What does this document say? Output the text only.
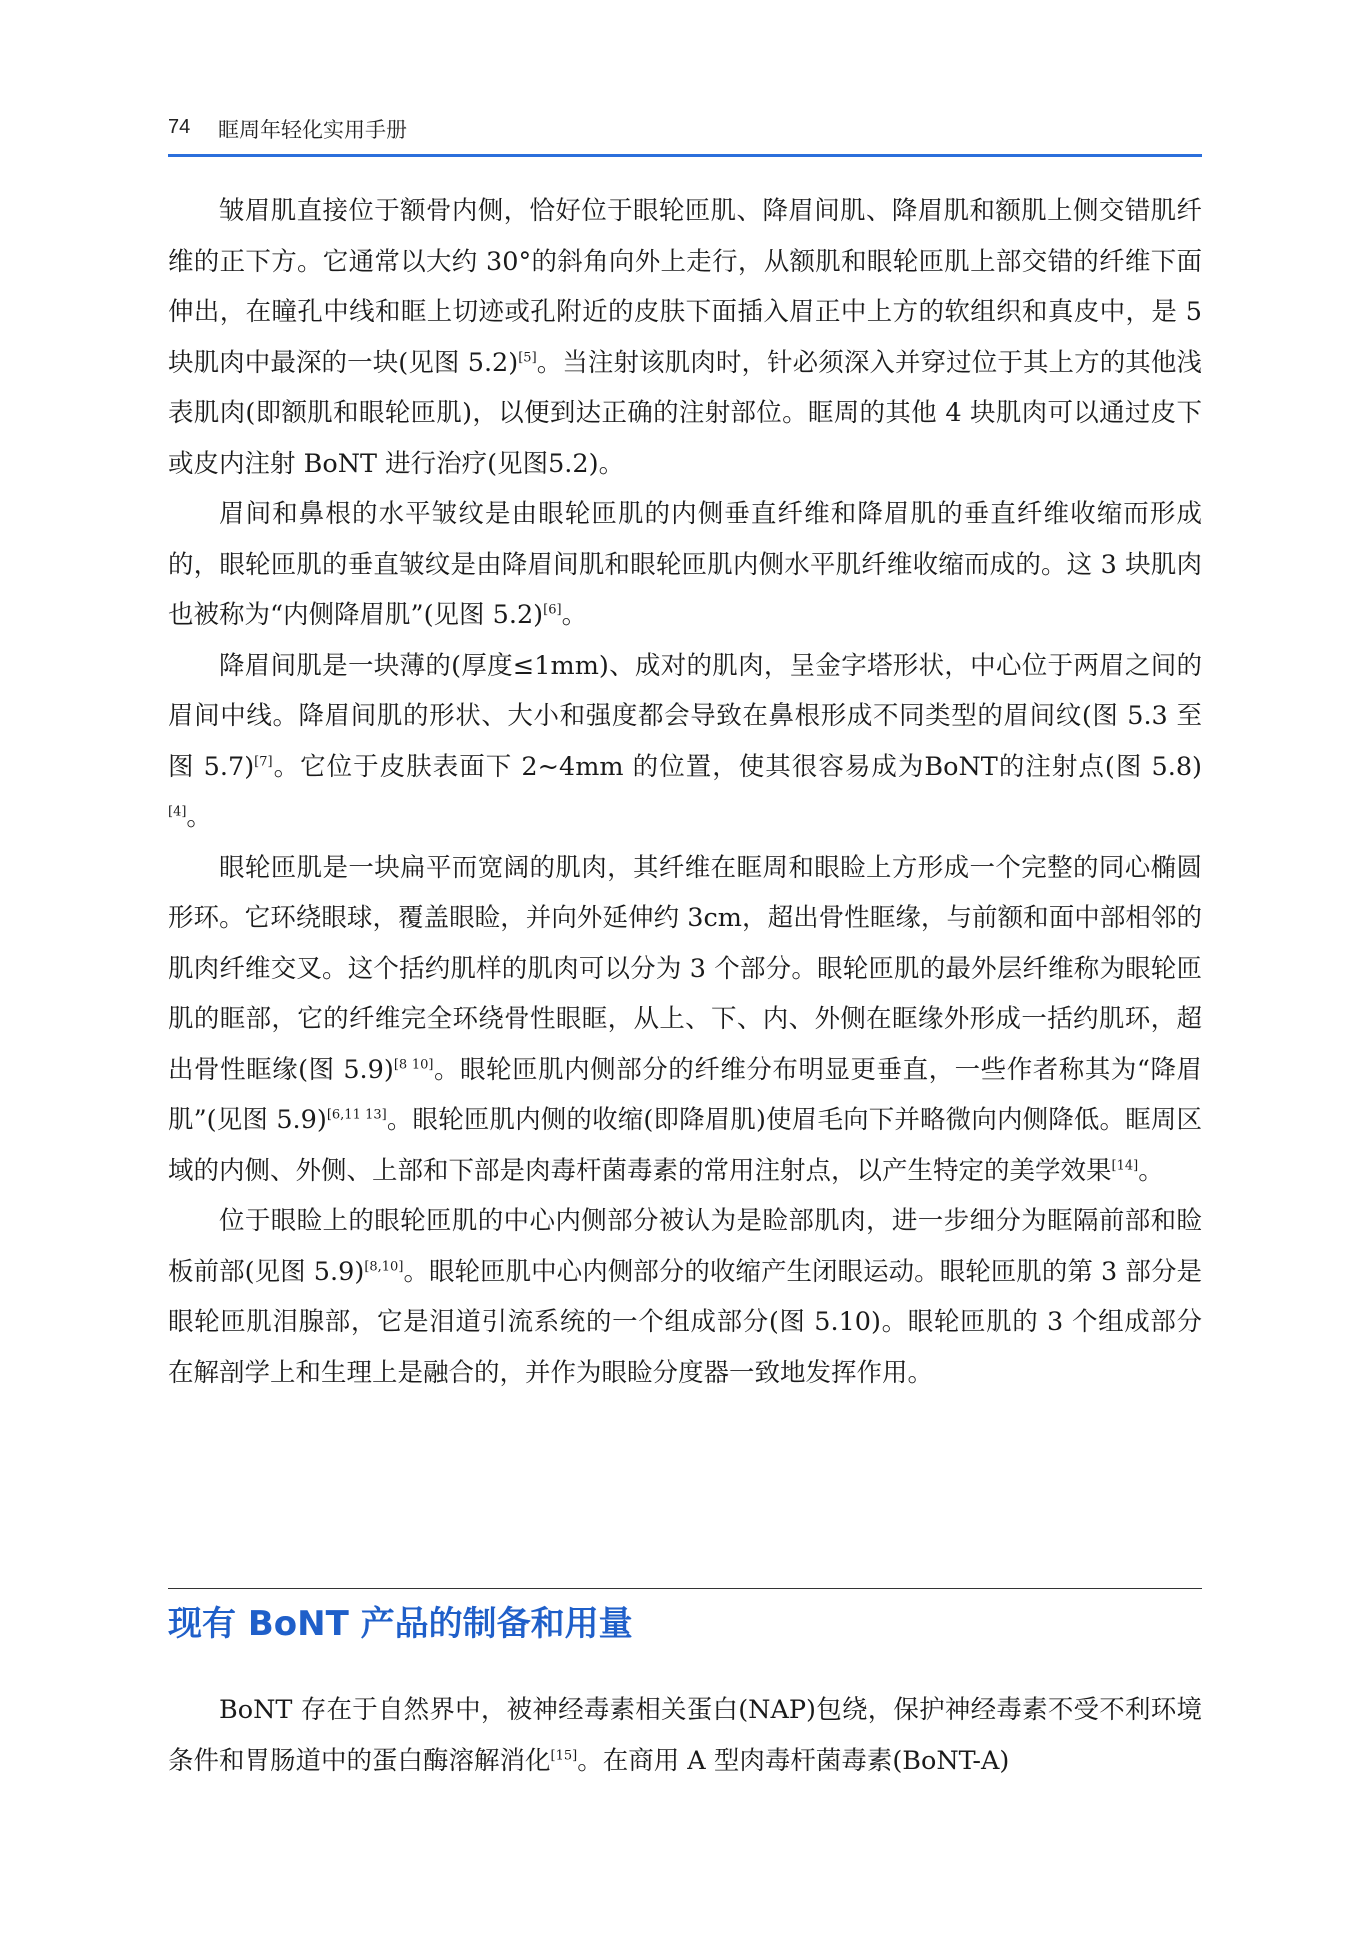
74 眶周年轻化实用手册

皱眉肌直接位于额骨内侧，恰好位于眼轮匝肌、降眉间肌、降眉肌和额肌上侧交错肌纤维的正下方。它通常以大约 30°的斜角向外上走行，从额肌和眼轮匝肌上部交错的纤维下面伸出，在瞳孔中线和眶上切迹或孔附近的皮肤下面插入眉正中上方的软组织和真皮中，是 5 块肌肉中最深的一块(见图 5.2)[5]。当注射该肌肉时，针必须深入并穿过位于其上方的其他浅表肌肉(即额肌和眼轮匝肌)，以便到达正确的注射部位。眶周的其他 4 块肌肉可以通过皮下或皮内注射 BoNT 进行治疗(见图5.2)。

眉间和鼻根的水平皱纹是由眼轮匝肌的内侧垂直纤维和降眉肌的垂直纤维收缩而形成的，眼轮匝肌的垂直皱纹是由降眉间肌和眼轮匝肌内侧水平肌纤维收缩而成的。这 3 块肌肉也被称为“内侧降眉肌”(见图 5.2)[6]。

降眉间肌是一块薄的(厚度≤1mm)、成对的肌肉，呈金字塔形状，中心位于两眉之间的眉间中线。降眉间肌的形状、大小和强度都会导致在鼻根形成不同类型的眉间纹(图 5.3 至图 5.7)[7]。它位于皮肤表面下 2~4mm 的位置，使其很容易成为BoNT的注射点(图 5.8)[4]。

眼轮匝肌是一块扁平而宽阔的肌肉，其纤维在眶周和眼睑上方形成一个完整的同心椭圆形环。它环绕眼球，覆盖眼睑，并向外延伸约 3cm，超出骨性眶缘，与前额和面中部相邻的肌肉纤维交叉。这个括约肌样的肌肉可以分为 3 个部分。眼轮匝肌的最外层纤维称为眼轮匝肌的眶部，它的纤维完全环绕骨性眼眶，从上、下、内、外侧在眶缘外形成一括约肌环，超出骨性眶缘(图 5.9)[8 10]。眼轮匝肌内侧部分的纤维分布明显更垂直，一些作者称其为“降眉肌”(见图 5.9)[6,11 13]。眼轮匝肌内侧的收缩(即降眉肌)使眉毛向下并略微向内侧降低。眶周区域的内侧、外侧、上部和下部是肉毒杆菌毒素的常用注射点，以产生特定的美学效果[14]。

位于眼睑上的眼轮匝肌的中心内侧部分被认为是睑部肌肉，进一步细分为眶隔前部和睑板前部(见图 5.9)[8,10]。眼轮匝肌中心内侧部分的收缩产生闭眼运动。眼轮匝肌的第 3 部分是眼轮匝肌泪腺部，它是泪道引流系统的一个组成部分(图 5.10)。眼轮匝肌的 3 个组成部分在解剖学上和生理上是融合的，并作为眼睑分度器一致地发挥作用。

现有 BoNT 产品的制备和用量

BoNT 存在于自然界中，被神经毒素相关蛋白(NAP)包绕，保护神经毒素不受不利环境条件和胃肠道中的蛋白酶溶解消化[15]。在商用 A 型肉毒杆菌毒素(BoNT-A)
